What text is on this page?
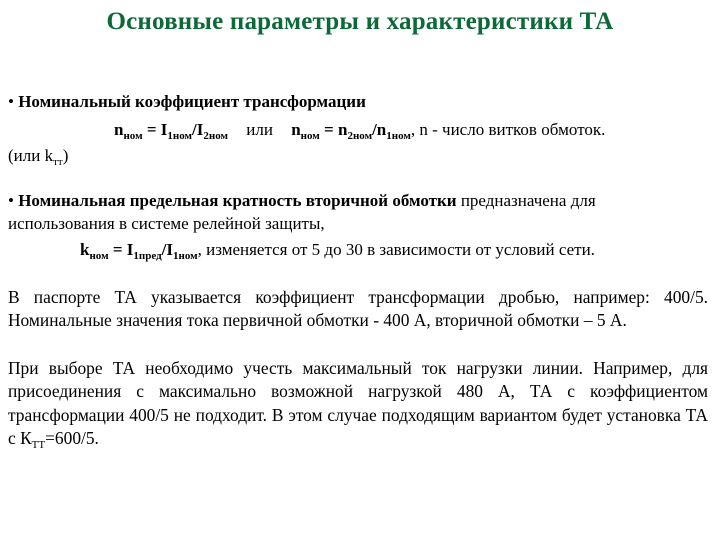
Основные параметры и характеристики ТА
• Номинальный коэффициент трансформации
$n_{ном} = I_{1ном}/I_{2ном}$ или $n_{ном} = n_{2ном}/n_{1ном}$, n - число витков обмоток.
(или $k_{тт}$)
• Номинальная предельная кратность вторичной обмотки предназначена для
использования в системе релейной защиты,
$k_{ном} = I_{1пред}/I_{1ном}$, изменяется от 5 до 30 в зависимости от условий сети.
В паспорте ТА указывается коэффициент трансформации дробью, например: 400/5. Номинальные значения тока первичной обмотки - 400 А, вторичной обмотки – 5 А.
При выборе ТА необходимо учесть максимальный ток нагрузки линии. Например, для присоединения с максимально возможной нагрузкой 480 А, ТА с коэффициентом трансформации 400/5 не подходит. В этом случае подходящим вариантом будет установка ТА с $К_{ТТ}=600/5$.
